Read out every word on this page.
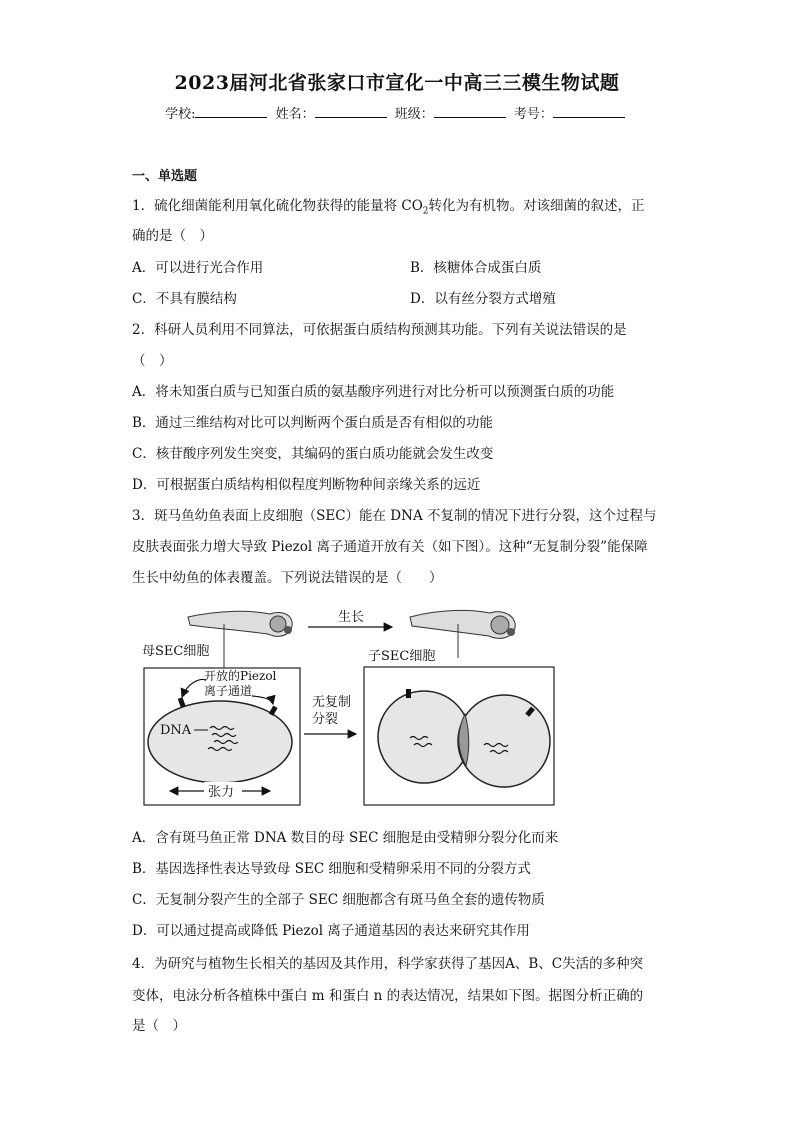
2023届河北省张家口市宣化一中高三三模生物试题
学校:	姓名：	班级：	考号：
一、单选题
1．硫化细菌能利用氧化硫化物获得的能量将 $CO_2$转化为有机物。对该细菌的叙述，正
确的是（　）
A．可以进行光合作用	B．核糖体合成蛋白质
C．不具有膜结构	D．以有丝分裂方式增殖
2．科研人员利用不同算法，可依据蛋白质结构预测其功能。下列有关说法错误的是
（　）
A．将未知蛋白质与已知蛋白质的氨基酸序列进行对比分析可以预测蛋白质的功能
B．通过三维结构对比可以判断两个蛋白质是否有相似的功能
C．核苷酸序列发生突变，其编码的蛋白质功能就会发生改变
D．可根据蛋白质结构相似程度判断物种间亲缘关系的远近
3．斑马鱼幼鱼表面上皮细胞（SEC）能在 DNA 不复制的情况下进行分裂，这个过程与
皮肤表面张力增大导致 Piezol 离子通道开放有关（如下图）。这种“无复制分裂”能保障
生长中幼鱼的体表覆盖。下列说法错误的是（　　）
生长
母SEC细胞	子SEC细胞
开放的Piezol
离子通道
DNA
张力
无复制
分裂
A．含有斑马鱼正常 DNA 数目的母 SEC 细胞是由受精卵分裂分化而来
B．基因选择性表达导致母 SEC 细胞和受精卵采用不同的分裂方式
C．无复制分裂产生的全部子 SEC 细胞都含有斑马鱼全套的遗传物质
D．可以通过提高或降低 Piezol 离子通道基因的表达来研究其作用
4．为研究与植物生长相关的基因及其作用，科学家获得了基因A、B、C失活的多种突
变体，电泳分析各植株中蛋白 m 和蛋白 n 的表达情况，结果如下图。据图分析正确的
是（　）
